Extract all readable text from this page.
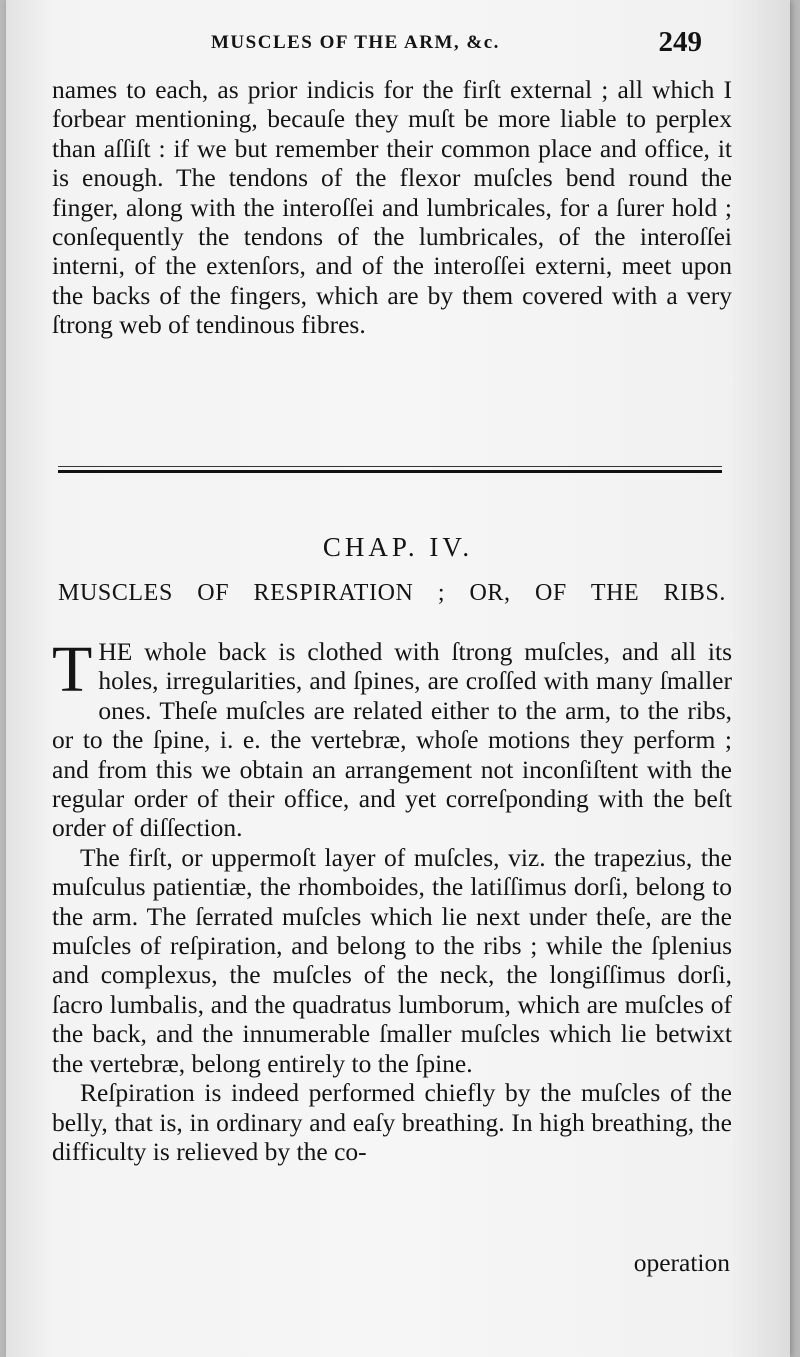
MUSCLES OF THE ARM, &c.	249

names to each, as prior indicis for the firſt external ; all which I forbear mentioning, becauſe they muſt be more liable to perplex than aſſiſt : if we but remember their common place and office, it is enough. The tendons of the flexor muſcles bend round the finger, along with the interoſſei and lumbricales, for a ſurer hold ; conſequently the tendons of the lumbricales, of the interoſſei interni, of the extenſors, and of the interoſſei externi, meet upon the backs of the fingers, which are by them covered with a very ſtrong web of tendinous fibres.

CHAP. IV.
MUSCLES OF RESPIRATION ; OR, OF THE RIBS.

THE whole back is clothed with ſtrong muſcles, and all its holes, irregularities, and ſpines, are croſſed with many ſmaller ones. Theſe muſcles are related either to the arm, to the ribs, or to the ſpine, i. e. the vertebræ, whoſe motions they perform ; and from this we obtain an arrangement not inconſiſtent with the regular order of their office, and yet correſponding with the beſt order of diſſection.

The firſt, or uppermoſt layer of muſcles, viz. the trapezius, the muſculus patientiæ, the rhomboides, the latiſſimus dorſi, belong to the arm. The ſerrated muſcles which lie next under theſe, are the muſcles of reſpiration, and belong to the ribs ; while the ſplenius and complexus, the muſcles of the neck, the longiſſimus dorſi, ſacro lumbalis, and the quadratus lumborum, which are muſcles of the back, and the innumerable ſmaller muſcles which lie betwixt the vertebræ, belong entirely to the ſpine.

Reſpiration is indeed performed chiefly by the muſcles of the belly, that is, in ordinary and eaſy breathing. In high breathing, the difficulty is relieved by the co-

operation
